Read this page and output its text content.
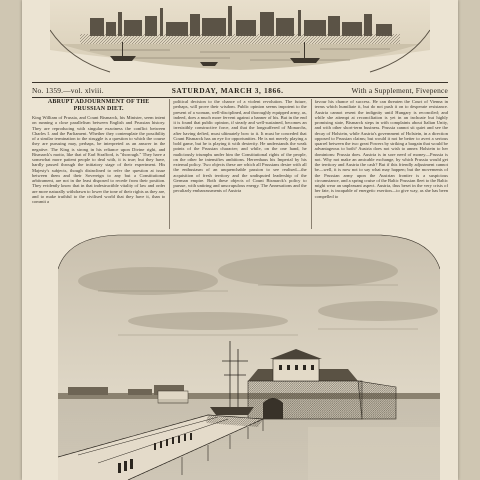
No. 1359.—vol. xlviii.	SATURDAY, MARCH 3, 1866.	With a Supplement, Fivepence
ABRUPT ADJOURNMENT OF THE PRUSSIAN DIET.
King William of Prussia, and Count Bismarck, his Minister, seem intent on running a close parallelism between English and Prussian history. They are reproducing with singular exactness the conflict between Charles I. and the Parliament. Whether they contemplate the possibility of a similar termination to the struggle is a question to which the course they are pursuing may, perhaps, be interpreted as an answer in the negative. The King is strong in his reliance upon Divine right, and Bismarck's motto, like that of Earl Strafford, is "thorough." They have a somewhat more patient people to deal with, it is true; but they have, hardly passed through the initiatory stage of their experiment. His Majesty's subjects, though disinclined to refer the question at issue between them and their Sovereign to any but a Constitutional arbitrament, are not in the least disposed to recede from their position. They evidently know that in that indestructible vitality of law and order are more naturally withdrawn to lower the tone of their rights as they are, and to make truthful to the civilised world that they have it, than to commit a
political decision to the chance of a violent revolution. The future, perhaps, will prove their wisdom. Public opinion seems impotent to the present of a woman, well-disciplined, and thoroughly equipped army, as, indeed, does a much more fervent against a banner of his. But in the end it is found that public opinion, if steady and well-sustained, becomes an irresistibly constructive force, and that the longsuffered of Monarchs, after having defied, must ultimately bow to it. It must be conceded that Count Bismarck has an eye for opportunities. He is not merely playing a bold game, but he is playing it with dexterity. He understands the weak points of the Prussian character; and while, on the one hand, he maliciously triumphs under him the Constitutional rights of the people, on the other he intensifies ambitions. Herrenhaus his Imperial by his external policy. Two objects these are which all Prussians desire with all the enthusiasm of an unquenchable passion to see realised—the acquisition of fresh territory and the undisputed leadership of the German empire. Both these objects of Count Bismarck's policy to pursue, with untiring and unscrupulous energy. The Annexations and the peculiarly embarrassments of Austria
favour his chance of success. He can threaten the Court of Vienna in terms which humiliate it, but do not push it on to desperate resistance. Austria cannot resent the indignity until Hungary is reconciled; and while she attempt at reconciliation is yet in an inchoate but highly promising state, Bismarck steps in with complaints about Italian Unity, and with other short-term business. Prussia cannot sit quiet and see the decay of Holstein, while Austria's government of Holstein, in a direction opposed to Prussian claims; but would it not be better to avert a serious quarrel between the two great Powers by striking a bargain that would be advantageous to both? Austria does not wish to annex Holstein to her dominions: Prussia does. Austria is in sore need of money—Prussia is not. Why not make an amicable exchange, by which Prussia would get the territory and Austria the cash? But if this friendly adjustment cannot be—well, it is now not to say what may happen; but the movements of the Prussian army upon the Austrian frontier is a suspicious circumstance, and a spring cruise of the Baltic Prussian fleet to the Baltic might wear an unpleasant aspect. Austria, thus beset in the very crisis of her fate, is incapable of energetic exertion—to give way, as she has been compelled to
